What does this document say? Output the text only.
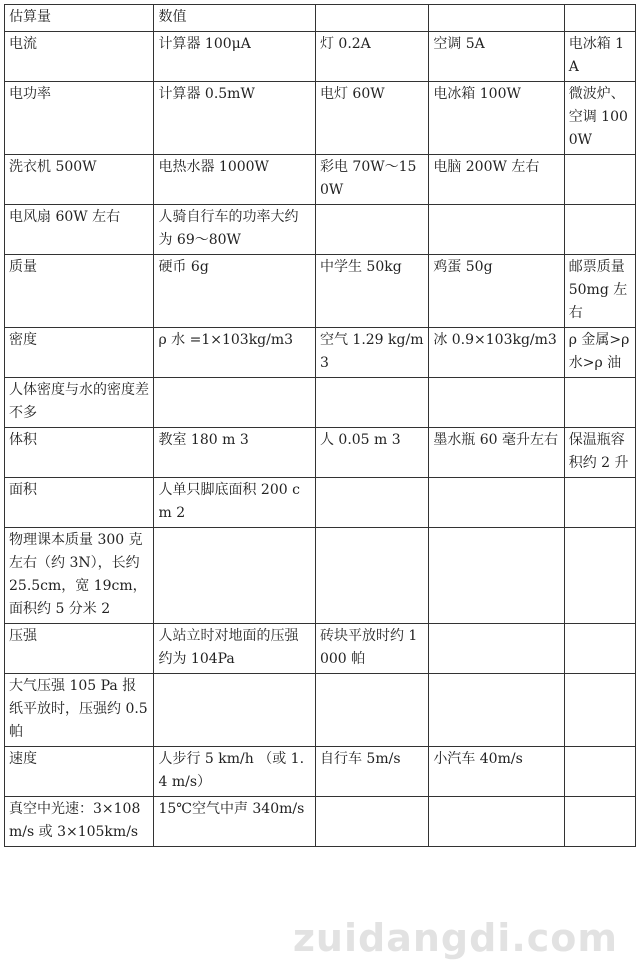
估算量	数值			
电流	计算器 100μA	灯 0.2A	空调 5A	电冰箱 1A
电功率	计算器 0.5mW	电灯 60W	电冰箱 100W	微波炉、空调 1000W
洗衣机 500W	电热水器 1000W	彩电 70W～150W	电脑 200W 左右	
电风扇 60W 左右	人骑自行车的功率大约为 69～80W			
质量	硬币 6g	中学生 50kg	鸡蛋 50g	邮票质量 50mg 左右
密度	ρ 水 =1×103kg/m3	空气 1.29 kg/m3	冰 0.9×103kg/m3	ρ 金属>ρ 水>ρ 油
人体密度与水的密度差不多				
体积	教室 180 m 3	人 0.05 m 3	墨水瓶 60 毫升左右	保温瓶容积约 2 升
面积	人单只脚底面积 200 cm 2			
物理课本质量 300 克左右（约 3N），长约 25.5cm，宽 19cm，面积约 5 分米 2				
压强	人站立时对地面的压强约为 104Pa	砖块平放时约 1000 帕		
大气压强 105 Pa 报纸平放时，压强约 0.5 帕				
速度	人步行 5 km/h （或 1.4 m/s）	自行车 5m/s	小汽车 40m/s	
真空中光速：3×108 m/s 或 3×105km/s	15℃空气中声 340m/s			
zuidangdi.com
